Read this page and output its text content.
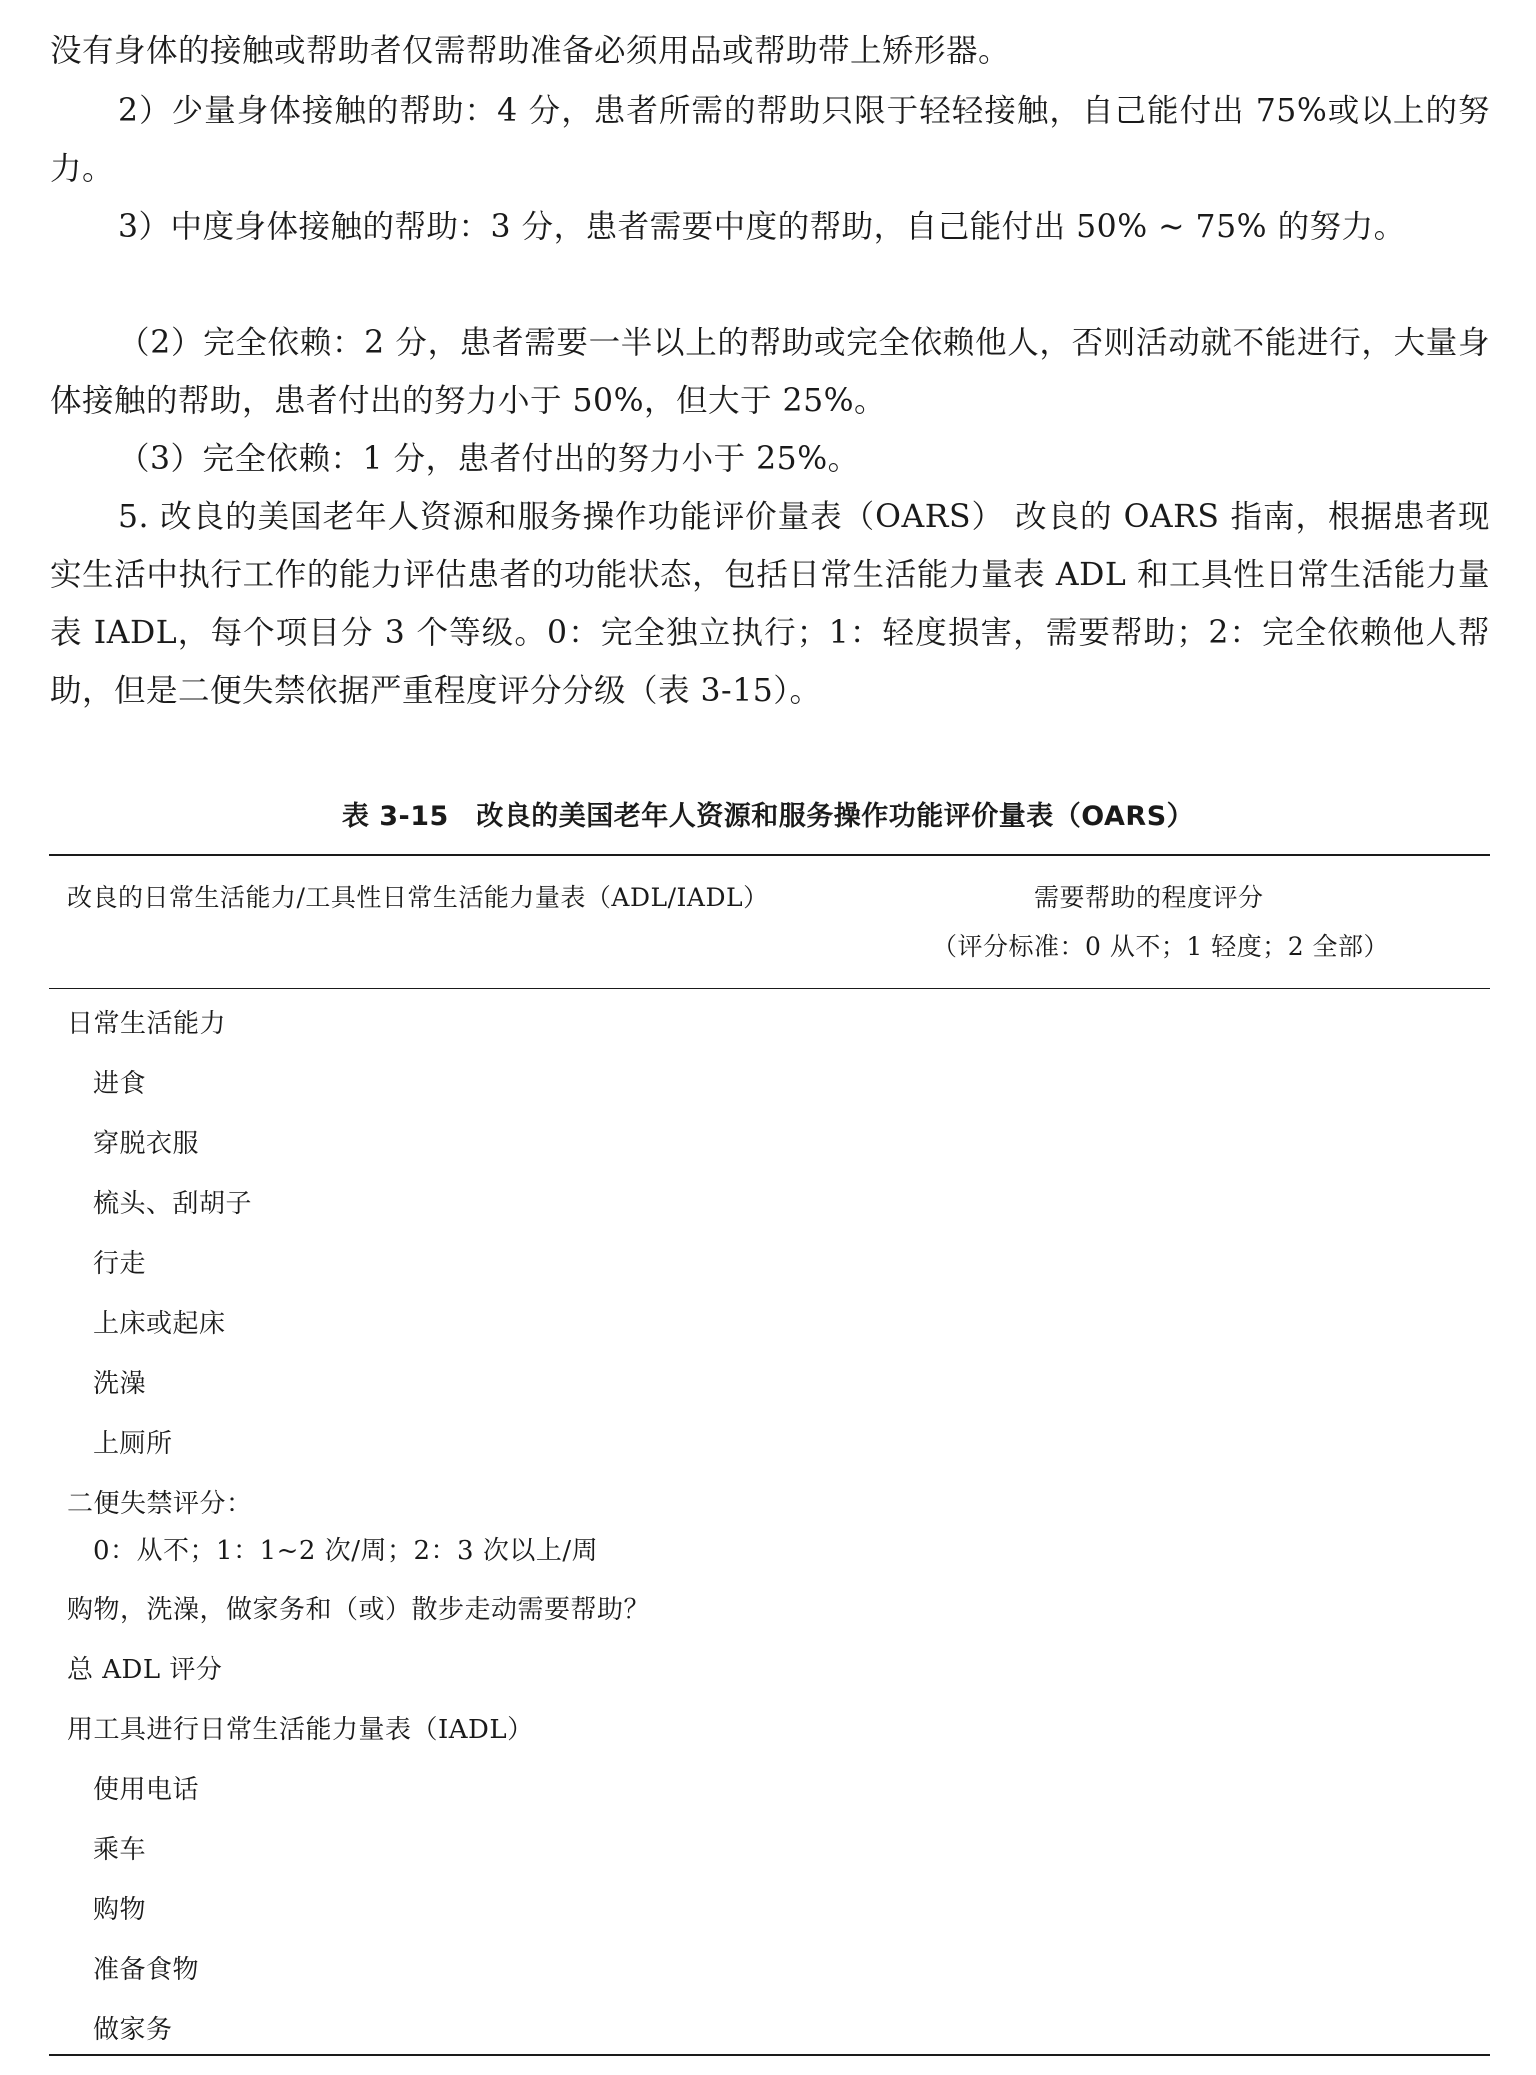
没有身体的接触或帮助者仅需帮助准备必须用品或帮助带上矫形器。

2）少量身体接触的帮助：4 分，患者所需的帮助只限于轻轻接触，自己能付出 75%或以上的努力。

3）中度身体接触的帮助：3 分，患者需要中度的帮助，自己能付出 50% ~ 75% 的努力。

（2）完全依赖：2 分，患者需要一半以上的帮助或完全依赖他人，否则活动就不能进行，大量身体接触的帮助，患者付出的努力小于 50%，但大于 25%。

（3）完全依赖：1 分，患者付出的努力小于 25%。

5. 改良的美国老年人资源和服务操作功能评价量表（OARS） 改良的 OARS 指南，根据患者现实生活中执行工作的能力评估患者的功能状态，包括日常生活能力量表 ADL 和工具性日常生活能力量表 IADL，每个项目分 3 个等级。0：完全独立执行；1：轻度损害，需要帮助；2：完全依赖他人帮助，但是二便失禁依据严重程度评分分级（表 3-15）。

表 3-15　改良的美国老年人资源和服务操作功能评价量表（OARS）
改良的日常生活能力/工具性日常生活能力量表（ADL/IADL）	需要帮助的程度评分
（评分标准：0 从不；1 轻度；2 全部）
日常生活能力
进食
穿脱衣服
梳头、刮胡子
行走
上床或起床
洗澡
上厕所
二便失禁评分：
0：从不；1：1~2 次/周；2：3 次以上/周
购物，洗澡，做家务和（或）散步走动需要帮助？
总 ADL 评分
用工具进行日常生活能力量表（IADL）
使用电话
乘车
购物
准备食物
做家务
